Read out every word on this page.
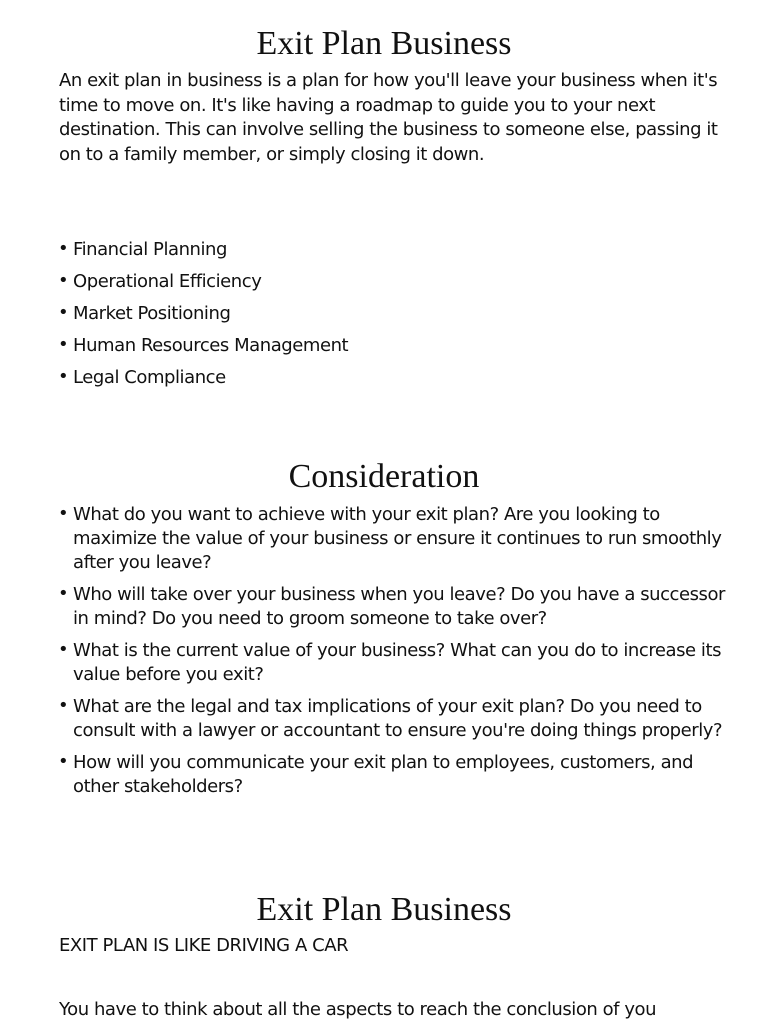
Exit Plan Business

An exit plan in business is a plan for how you'll leave your business when it's time to move on. It's like having a roadmap to guide you to your next destination. This can involve selling the business to someone else, passing it on to a family member, or simply closing it down.

• Financial Planning
• Operational Efficiency
• Market Positioning
• Human Resources Management
• Legal Compliance
Consideration
• What do you want to achieve with your exit plan? Are you looking to maximize the value of your business or ensure it continues to run smoothly after you leave?
• Who will take over your business when you leave? Do you have a successor in mind? Do you need to groom someone to take over?
• What is the current value of your business? What can you do to increase its value before you exit?
• What are the legal and tax implications of your exit plan? Do you need to consult with a lawyer or accountant to ensure you're doing things properly?
• How will you communicate your exit plan to employees, customers, and other stakeholders?
Exit Plan Business

EXIT PLAN IS LIKE DRIVING A CAR

You have to think about all the aspects to reach the conclusion of you
